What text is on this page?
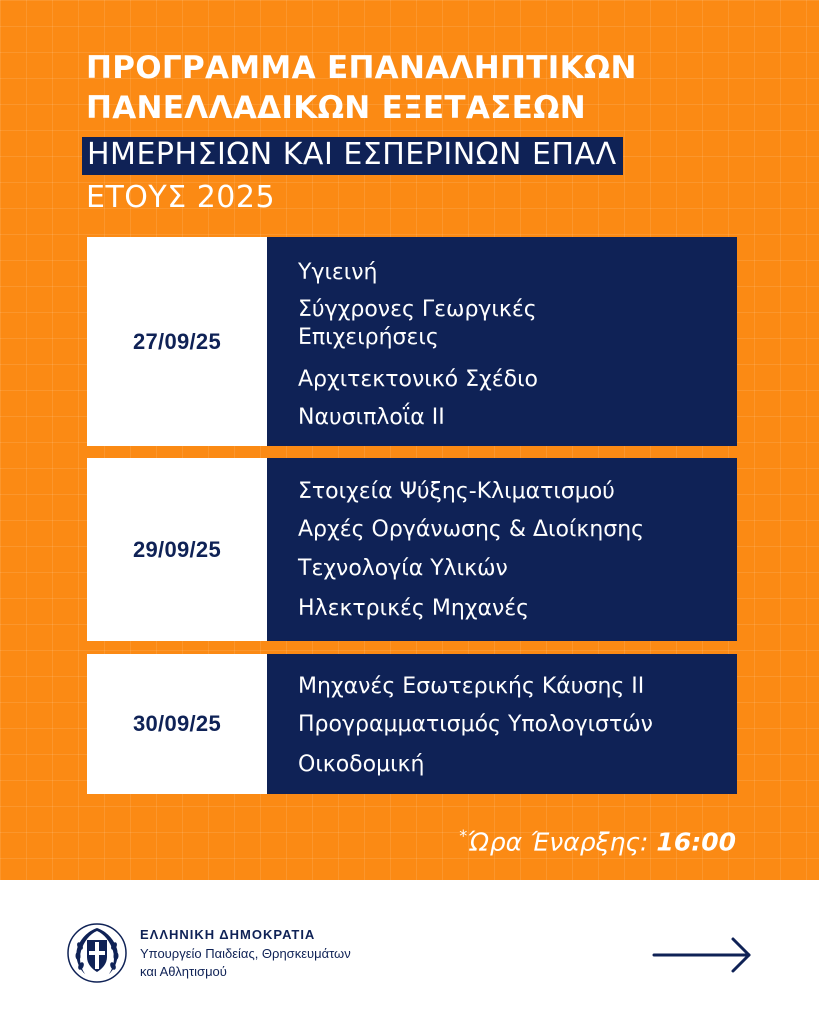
ΠΡΟΓΡΑΜΜΑ ΕΠΑΝΑΛΗΠΤΙΚΩΝ
ΠΑΝΕΛΛΑΔΙΚΩΝ ΕΞΕΤΑΣΕΩΝ
ΗΜΕΡΗΣΙΩΝ ΚΑΙ ΕΣΠΕΡΙΝΩΝ ΕΠΑΛ
ΕΤΟΥΣ 2025
27/09/25
Υγιεινή
Σύγχρονες Γεωργικές
Επιχειρήσεις
Αρχιτεκτονικό Σχέδιο
Ναυσιπλοΐα ΙΙ
29/09/25
Στοιχεία Ψύξης-Κλιματισμού
Αρχές Οργάνωσης & Διοίκησης
Τεχνολογία Υλικών
Ηλεκτρικές Μηχανές
30/09/25
Μηχανές Εσωτερικής Κάυσης ΙΙ
Προγραμματισμός Υπολογιστών
Οικοδομική
*Ώρα Έναρξης: 16:00
ΕΛΛΗΝΙΚΗ ΔΗΜΟΚΡΑΤΙΑ
Υπουργείο Παιδείας, Θρησκευμάτων
και Αθλητισμού
